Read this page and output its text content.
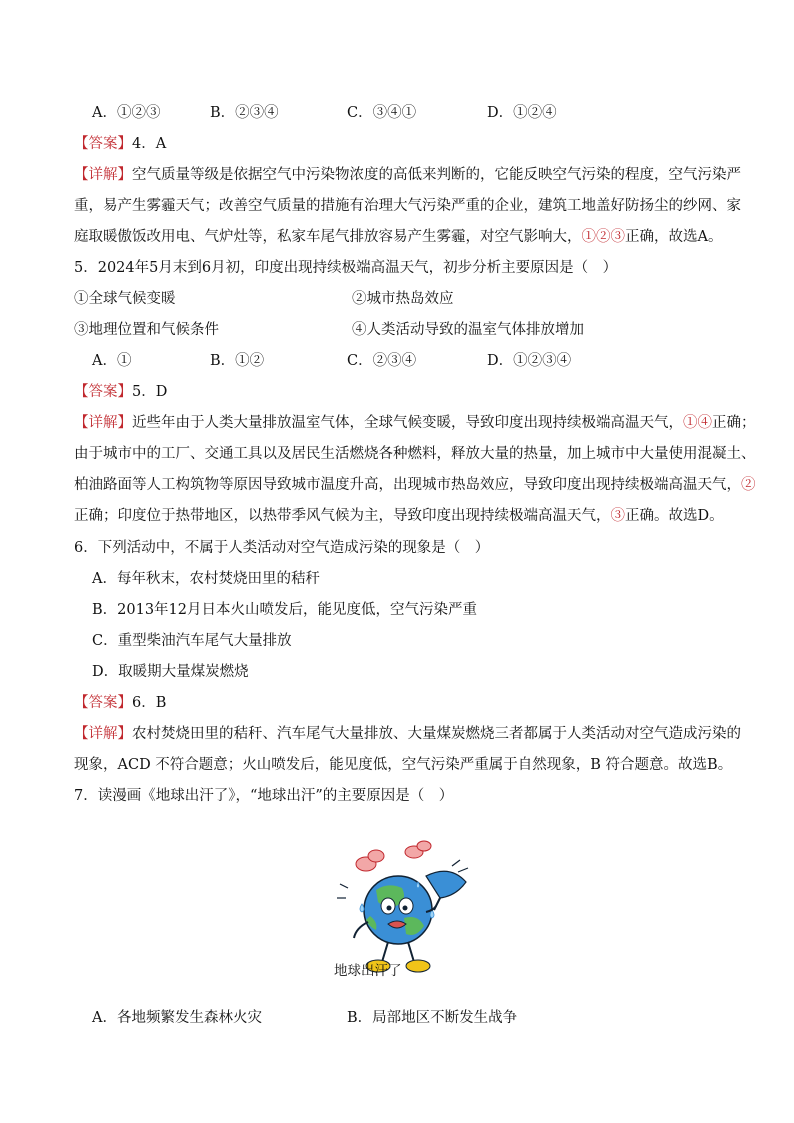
A．①②③	B．②③④	C．③④①	D．①②④
【答案】4．A
【详解】空气质量等级是依据空气中污染物浓度的高低来判断的，它能反映空气污染的程度，空气污染严
重，易产生雾霾天气；改善空气质量的措施有治理大气污染严重的企业，建筑工地盖好防扬尘的纱网、家
庭取暖傲饭改用电、气炉灶等，私家车尾气排放容易产生雾霾，对空气影响大，①②③正确，故选A。
5．2024年5月末到6月初，印度出现持续极端高温天气，初步分析主要原因是（　）
①全球气候变暖	②城市热岛效应
③地理位置和气候条件	④人类活动导致的温室气体排放增加
A．①	B．①②	C．②③④	D．①②③④
【答案】5．D
【详解】近些年由于人类大量排放温室气体，全球气候变暖，导致印度出现持续极端高温天气，①④正确；
由于城市中的工厂、交通工具以及居民生活燃烧各种燃料，释放大量的热量，加上城市中大量使用混凝土、
柏油路面等人工构筑物等原因导致城市温度升高，出现城市热岛效应，导致印度出现持续极端高温天气，②
正确；印度位于热带地区，以热带季风气候为主，导致印度出现持续极端高温天气，③正确。故选D。
6．下列活动中，不属于人类活动对空气造成污染的现象是（　）
A．每年秋末，农村焚烧田里的秸秆
B．2013年12月日本火山喷发后，能见度低，空气污染严重
C．重型柴油汽车尾气大量排放
D．取暖期大量煤炭燃烧
【答案】6．B
【详解】农村焚烧田里的秸秆、汽车尾气大量排放、大量煤炭燃烧三者都属于人类活动对空气造成污染的
现象，ACD 不符合题意；火山喷发后，能见度低，空气污染严重属于自然现象，B 符合题意。故选B。
7．读漫画《地球出汗了》，“地球出汗”的主要原因是（　）
地球出汗了
A．各地频繁发生森林火灾	B．局部地区不断发生战争
